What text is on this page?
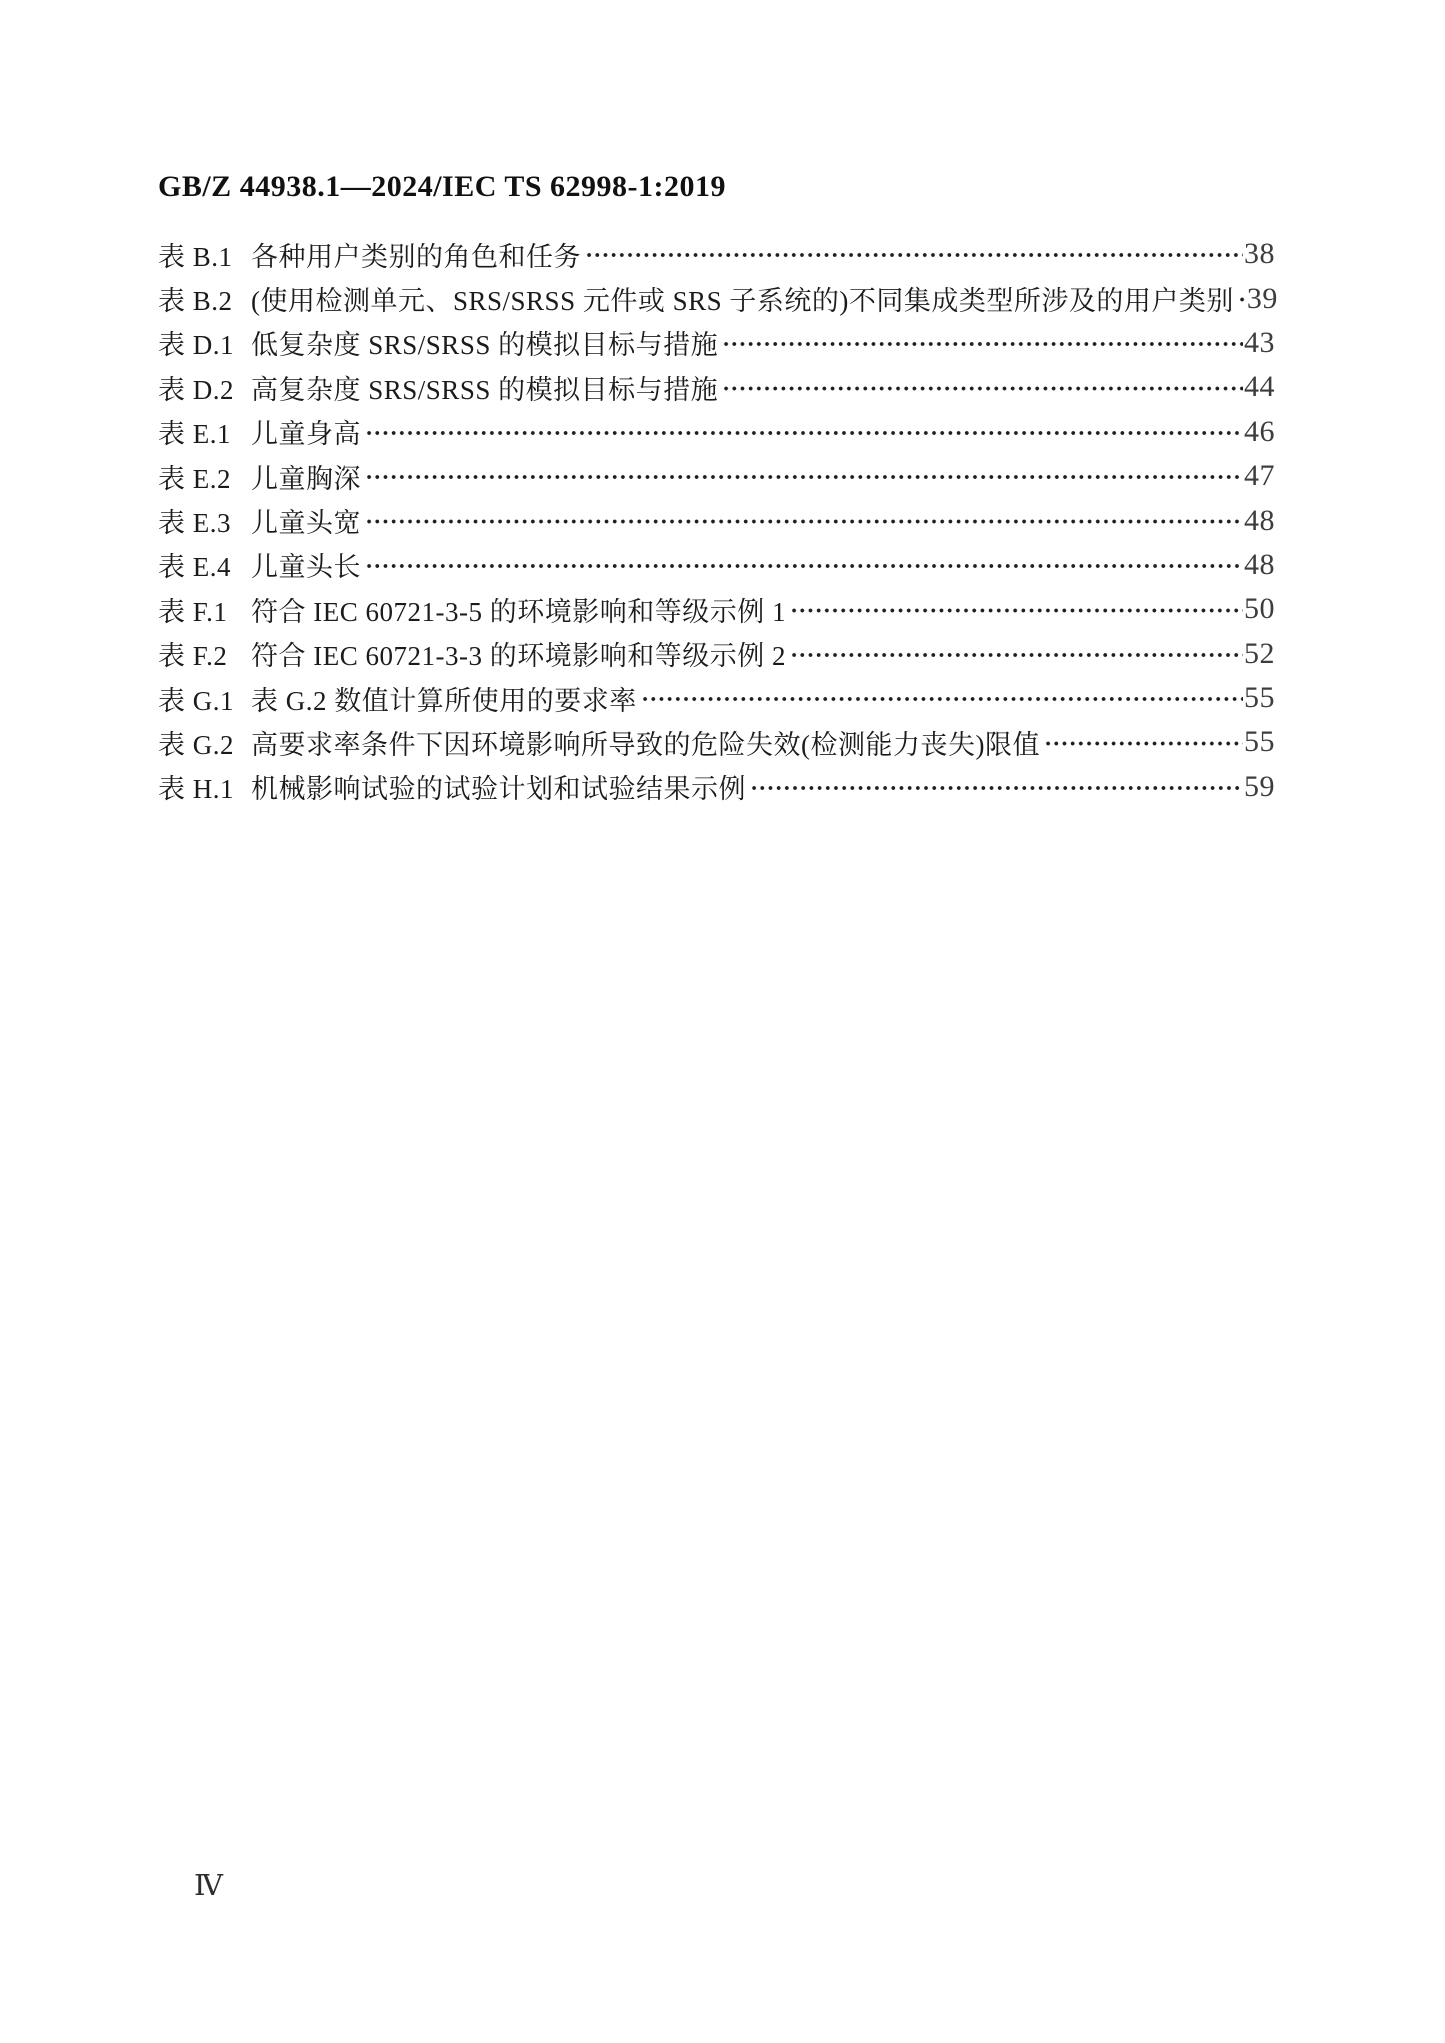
GB/Z 44938.1—2024/IEC TS 62998-1:2019
表 B.1 各种用户类别的角色和任务	38
表 B.2 (使用检测单元、SRS/SRSS 元件或 SRS 子系统的)不同集成类型所涉及的用户类别 39
表 D.1 低复杂度 SRS/SRSS 的模拟目标与措施	43
表 D.2 高复杂度 SRS/SRSS 的模拟目标与措施	44
表 E.1 儿童身高	46
表 E.2 儿童胸深	47
表 E.3 儿童头宽	48
表 E.4 儿童头长	48
表 F.1 符合 IEC 60721-3-5 的环境影响和等级示例 1	50
表 F.2 符合 IEC 60721-3-3 的环境影响和等级示例 2	52
表 G.1 表 G.2 数值计算所使用的要求率	55
表 G.2 高要求率条件下因环境影响所导致的危险失效(检测能力丧失)限值	55
表 H.1 机械影响试验的试验计划和试验结果示例	59
Ⅳ
